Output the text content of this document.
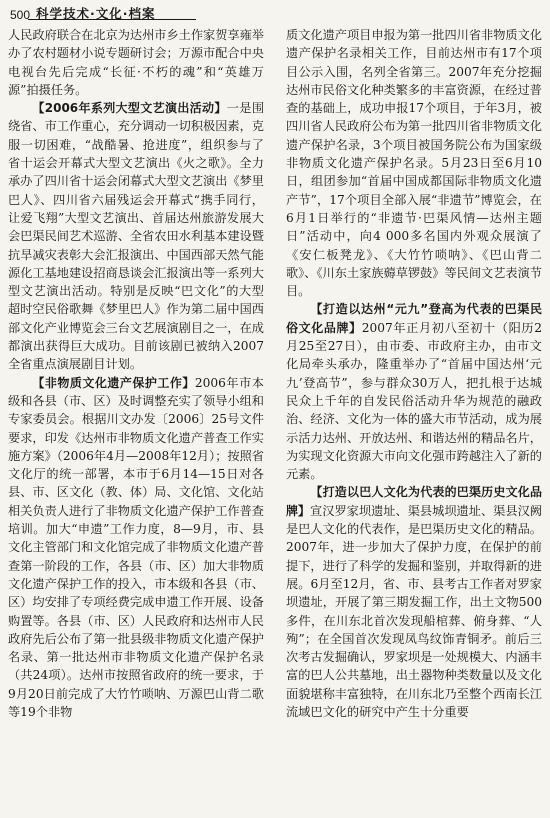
500 科学技术·文化·档案

人民政府联合在北京为达州市乡土作家贺享雍举办了农村题材小说专题研讨会；万源市配合中央电视台先后完成“长征·不朽的魂”和“英雄万源”拍摄任务。

【2006年系列大型文艺演出活动】一是围绕省、市工作重心，充分调动一切积极因素，克服一切困难，“战酷暑、抢进度”，组织参与了省十运会开幕式大型文艺演出《火之歌》。全力承办了四川省十运会闭幕式大型文艺演出《梦里巴人》、四川省六届残运会开幕式“携手同行，让爱飞翔”大型文艺演出、首届达州旅游发展大会巴渠民间艺术巡游、全省农田水利基本建设暨抗旱减灾表彰大会汇报演出、中国西部天然气能源化工基地建设招商恳谈会汇报演出等一系列大型文艺演出活动。特别是反映“巴文化”的大型超时空民俗歌舞《梦里巴人》作为第二届中国西部文化产业博览会三台文艺展演剧目之一，在成都演出获得巨大成功。目前该剧已被纳入2007全省重点演展剧目计划。

【非物质文化遗产保护工作】2006年市本级和各县（市、区）及时调整充实了领导小组和专家委员会。根据川文办发〔2006〕25号文件要求，印发《达州市非物质文化遗产普查工作实施方案》（2006年4月—2008年12月）；按照省文化厅的统一部署，本市于6月14—15日对各县、市、区文化（教、体）局、文化馆、文化站相关负责人进行了非物质文化遗产保护工作普查培训。加大“申遗”工作力度，8—9月，市、县文化主管部门和文化馆完成了非物质文化遗产普查第一阶段的工作，各县（市、区）加大非物质文化遗产保护工作的投入，市本级和各县（市、区）均安排了专项经费完成申遗工作开展、设备购置等。各县（市、区）人民政府和达州市人民政府先后公布了第一批县级非物质文化遗产保护名录、第一批达州市非物质文化遗产保护名录（共24项）。达州市按照省政府的统一要求，于9月20日前完成了大竹竹唢呐、万源巴山背二歌等19个非物

质文化遗产项目申报为第一批四川省非物质文化遗产保护名录相关工作，目前达州市有17个项目公示入围，名列全省第三。2007年充分挖掘达州市民俗文化种类繁多的丰富资源，在经过普查的基础上，成功申报17个项目，于年3月，被四川省人民政府公布为第一批四川省非物质文化遗产保护名录，3个项目被国务院公布为国家级非物质文化遗产保护名录。5月23日至6月10日，组团参加“首届中国成都国际非物质文化遗产节”，17个项目全部入展“非遗节”博览会，在6月1日举行的“非遗节·巴渠风情—达州主题日”活动中，向4 000多名国内外观众展演了《安仁板凳龙》、《大竹竹唢呐》、《巴山背二歌》、《川东土家族薅草锣鼓》等民间文艺表演节目。

【打造以达州“元九”登高为代表的巴渠民俗文化品牌】2007年正月初八至初十（阳历2月25至27日），由市委、市政府主办，由市文化局牵头承办，隆重举办了“首届中国达州‘元九’登高节”，参与群众30万人，把扎根于达城民众上千年的自发民俗活动升华为规范的融政治、经济、文化为一体的盛大市节活动，成为展示活力达州、开放达州、和谐达州的精品名片，为实现文化资源大市向文化强市跨越注入了新的元素。

【打造以巴人文化为代表的巴渠历史文化品牌】宣汉罗家坝遗址、渠县城坝遗址、渠县汉阙是巴人文化的代表作，是巴渠历史文化的精品。2007年，进一步加大了保护力度，在保护的前提下，进行了科学的发掘和鉴别，并取得新的进展。6月至12月，省、市、县考古工作者对罗家坝遗址，开展了第三期发掘工作，出土文物500多件，在川东北首次发现船棺葬、俯身葬、“人殉”；在全国首次发现凤鸟纹饰青铜矛。前后三次考古发掘确认，罗家坝是一处规模大、内涵丰富的巴人公共墓地，出土器物种类数量以及文化面貌堪称丰富独特，在川东北乃至整个西南长江流域巴文化的研究中产生十分重要
